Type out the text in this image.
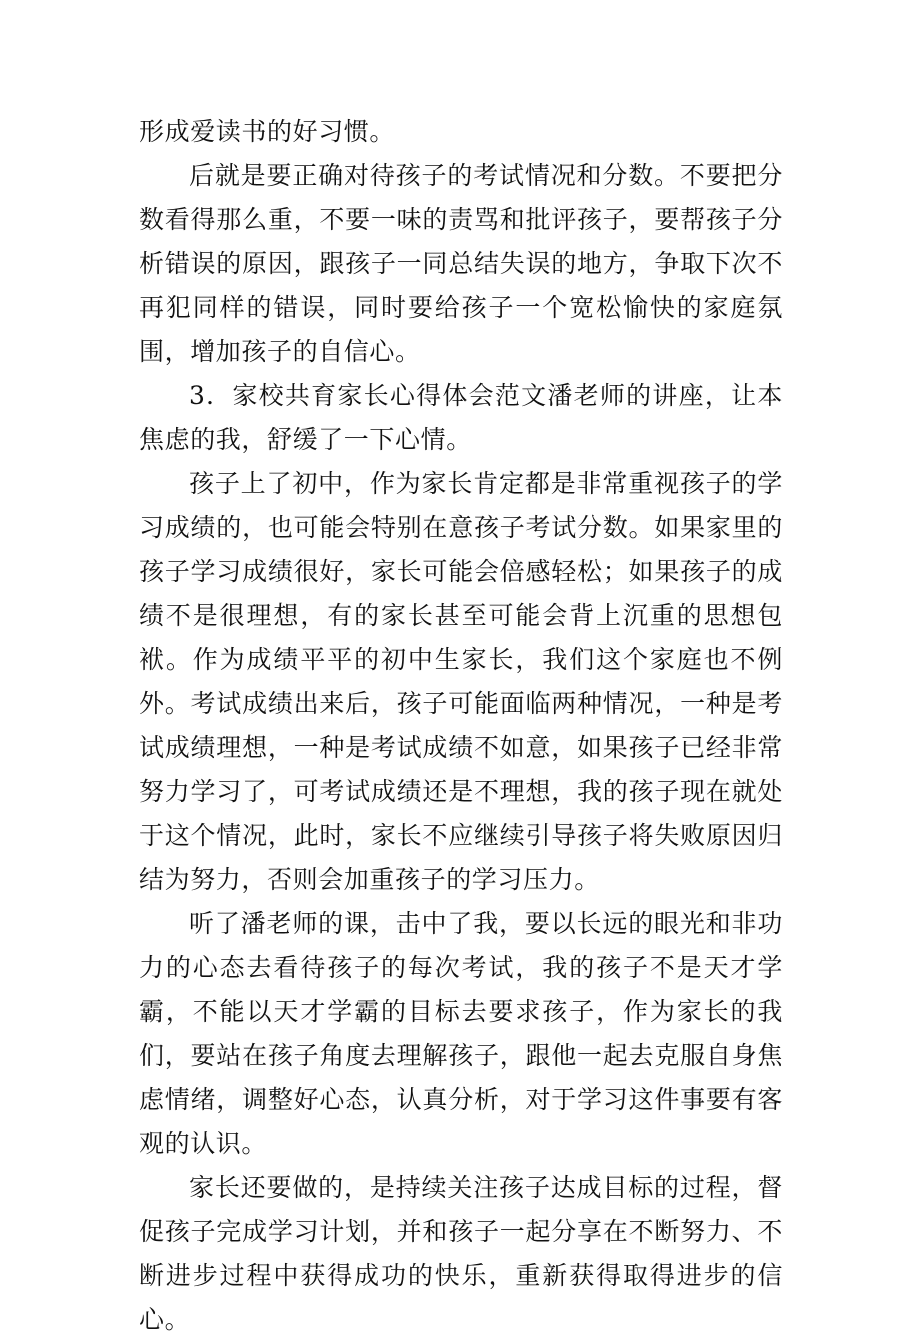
形成爱读书的好习惯。

后就是要正确对待孩子的考试情况和分数。不要把分数看得那么重，不要一味的责骂和批评孩子，要帮孩子分析错误的原因，跟孩子一同总结失误的地方，争取下次不再犯同样的错误，同时要给孩子一个宽松愉快的家庭氛围，增加孩子的自信心。

3．家校共育家长心得体会范文潘老师的讲座，让本焦虑的我，舒缓了一下心情。

孩子上了初中，作为家长肯定都是非常重视孩子的学习成绩的，也可能会特别在意孩子考试分数。如果家里的孩子学习成绩很好，家长可能会倍感轻松；如果孩子的成绩不是很理想，有的家长甚至可能会背上沉重的思想包袱。作为成绩平平的初中生家长，我们这个家庭也不例外。考试成绩出来后，孩子可能面临两种情况，一种是考试成绩理想，一种是考试成绩不如意，如果孩子已经非常努力学习了，可考试成绩还是不理想，我的孩子现在就处于这个情况，此时，家长不应继续引导孩子将失败原因归结为努力，否则会加重孩子的学习压力。

听了潘老师的课，击中了我，要以长远的眼光和非功力的心态去看待孩子的每次考试，我的孩子不是天才学霸，不能以天才学霸的目标去要求孩子，作为家长的我们，要站在孩子角度去理解孩子，跟他一起去克服自身焦虑情绪，调整好心态，认真分析，对于学习这件事要有客观的认识。

家长还要做的，是持续关注孩子达成目标的过程，督促孩子完成学习计划，并和孩子一起分享在不断努力、不断进步过程中获得成功的快乐，重新获得取得进步的信心。
